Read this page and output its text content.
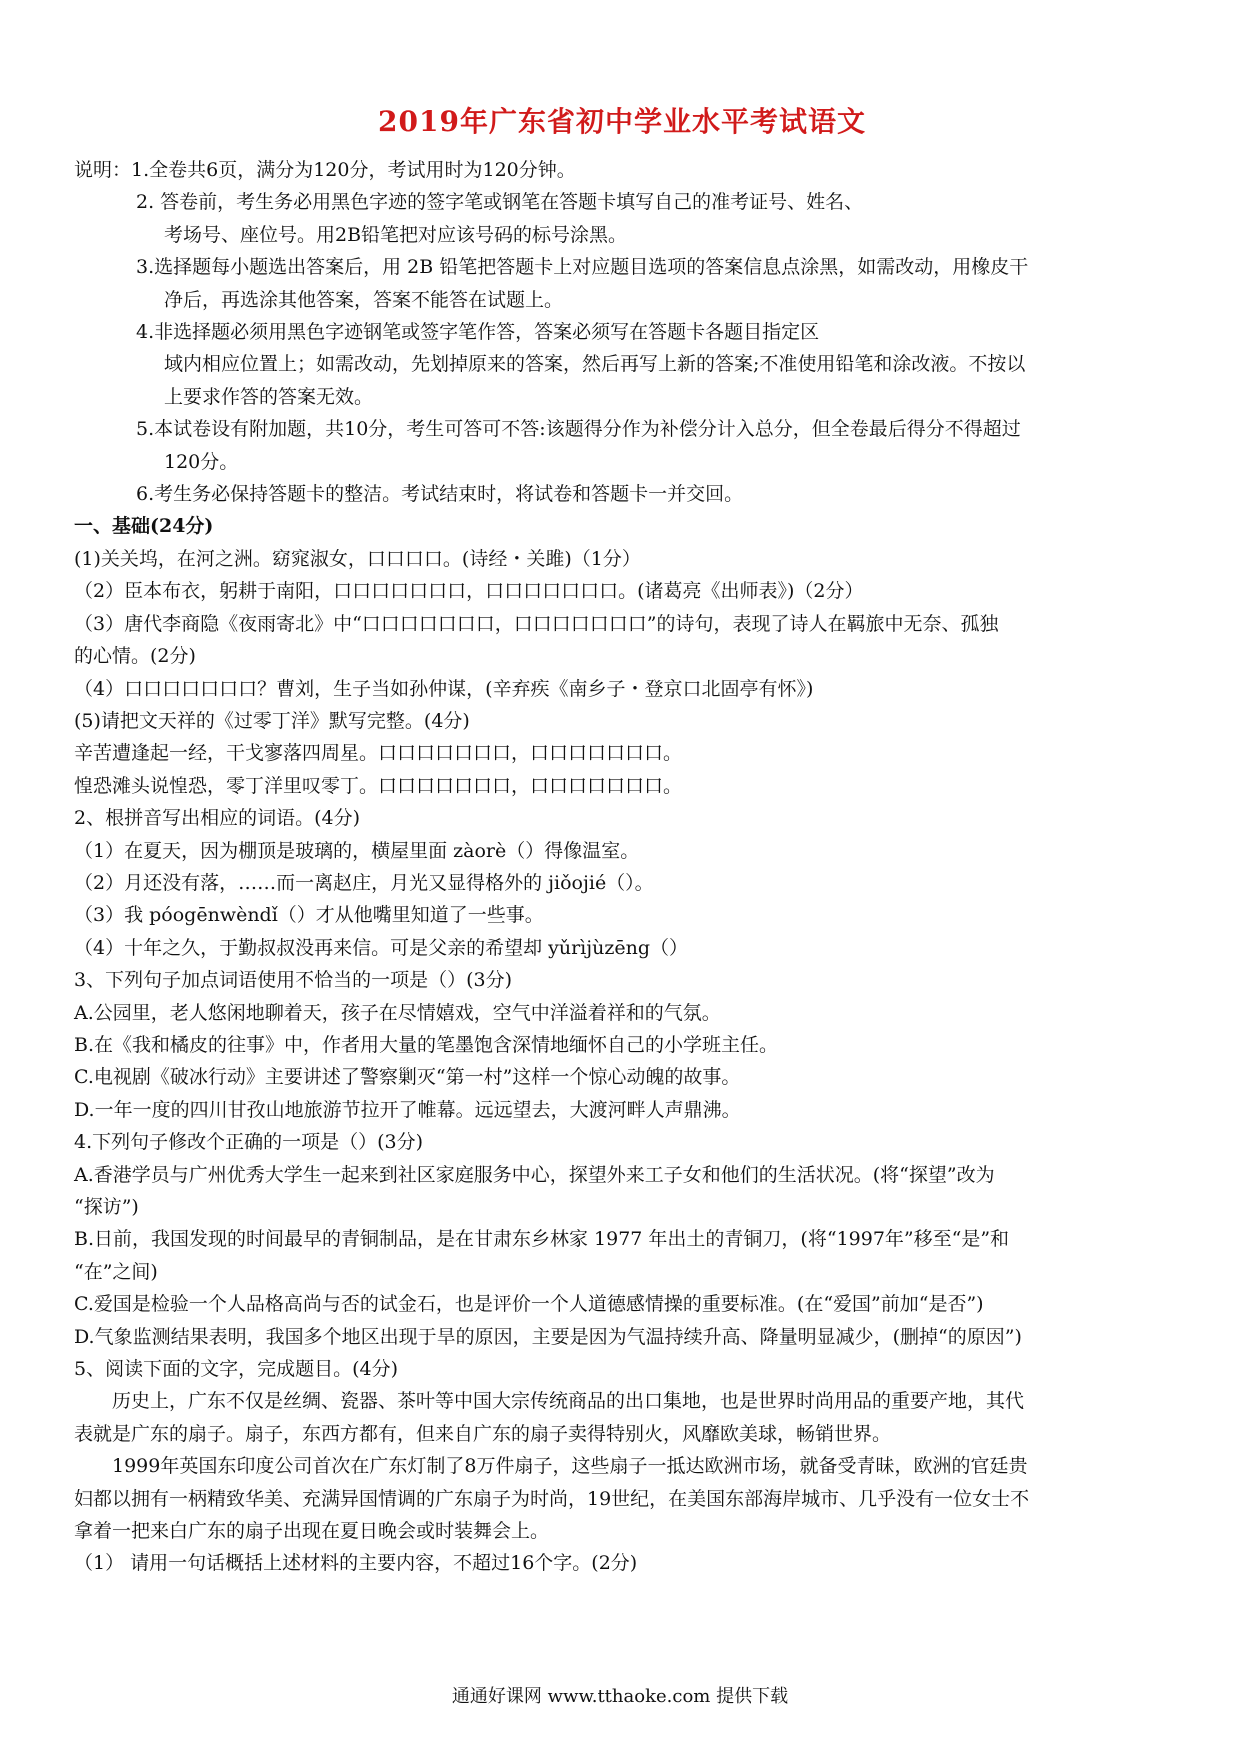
2019年广东省初中学业水平考试语文
说明：1.全卷共6页，满分为120分，考试用时为120分钟。
2. 答卷前，考生务必用黑色字迹的签字笔或钢笔在答题卡填写自己的准考证号、姓名、
考场号、座位号。用2B铅笔把对应该号码的标号涂黑。
3.选择题每小题选出答案后，用 2B 铅笔把答题卡上对应题目选项的答案信息点涂黑，如需改动，用橡皮干
净后，再选涂其他答案，答案不能答在试题上。
4.非选择题必须用黑色字迹钢笔或签字笔作答，答案必须写在答题卡各题目指定区
域内相应位置上；如需改动，先划掉原来的答案，然后再写上新的答案;不准使用铅笔和涂改液。不按以
上要求作答的答案无效。
5.本试卷设有附加题，共10分，考生可答可不答:该题得分作为补偿分计入总分，但全卷最后得分不得超过
120分。
6.考生务必保持答题卡的整洁。考试结束时，将试卷和答题卡一并交回。
一、基础(24分)
(1)关关坞，在河之洲。窈窕淑女，口口口口。(诗经・关雎)（1分）
（2）臣本布衣，躬耕于南阳，口口口口口口口，口口口口口口口。(诸葛亮《出师表》)（2分）
（3）唐代李商隐《夜雨寄北》中“口口口口口口口，口口口口口口口”的诗句，表现了诗人在羁旅中无奈、孤独
的心情。(2分)
（4）口口口口口口口？曹刘，生子当如孙仲谋，(辛弃疾《南乡子・登京口北固亭有怀》)
(5)请把文天祥的《过零丁洋》默写完整。(4分)
辛苦遭逢起一经，干戈寥落四周星。口口口口口口口，口口口口口口口。
惶恐滩头说惶恐，零丁洋里叹零丁。口口口口口口口，口口口口口口口。
2、根拼音写出相应的词语。(4分)
（1）在夏天，因为棚顶是玻璃的，横屋里面 zàorè（）得像温室。
（2）月还没有落，……而一离赵庄，月光又显得格外的 jiǒojié（）。
（3）我 póogēnwèndǐ（）才从他嘴里知道了一些事。
（4）十年之久，于勤叔叔没再来信。可是父亲的希望却 yǔrìjùzēng（）
3、下列句子加点词语使用不恰当的一项是（）(3分)
A.公园里，老人悠闲地聊着天，孩子在尽情嬉戏，空气中洋溢着祥和的气氛。
B.在《我和橘皮的往事》中，作者用大量的笔墨饱含深情地缅怀自己的小学班主任。
C.电视剧《破冰行动》主要讲述了警察剿灭“第一村”这样一个惊心动魄的故事。
D.一年一度的四川甘孜山地旅游节拉开了帷幕。远远望去，大渡河畔人声鼎沸。
4.下列句子修改个正确的一项是（）(3分)
A.香港学员与广州优秀大学生一起来到社区家庭服务中心，探望外来工子女和他们的生活状况。(将“探望”改为
“探访”)
B.日前，我国发现的时间最早的青铜制品，是在甘肃东乡林家 1977 年出土的青铜刀，(将“1997年”移至“是”和
“在”之间)
C.爱国是检验一个人品格高尚与否的试金石，也是评价一个人道德感情操的重要标准。(在“爱国”前加“是否”)
D.气象监测结果表明，我国多个地区出现于旱的原因，主要是因为气温持续升高、降量明显减少，(删掉“的原因”)
5、阅读下面的文字，完成题目。(4分)
历史上，广东不仅是丝绸、瓷器、茶叶等中国大宗传统商品的出口集地，也是世界时尚用品的重要产地，其代
表就是广东的扇子。扇子，东西方都有，但来自广东的扇子卖得特别火，风靡欧美球，畅销世界。
1999年英国东印度公司首次在广东灯制了8万件扇子，这些扇子一抵达欧洲市场，就备受青昧，欧洲的官廷贵
妇都以拥有一柄精致华美、充满异国情调的广东扇子为时尚，19世纪，在美国东部海岸城市、几乎没有一位女士不
拿着一把来白广东的扇子出现在夏日晚会或时装舞会上。
（1） 请用一句话概括上述材料的主要内容，不超过16个字。(2分)
通通好课网 www.tthaoke.com 提供下载
